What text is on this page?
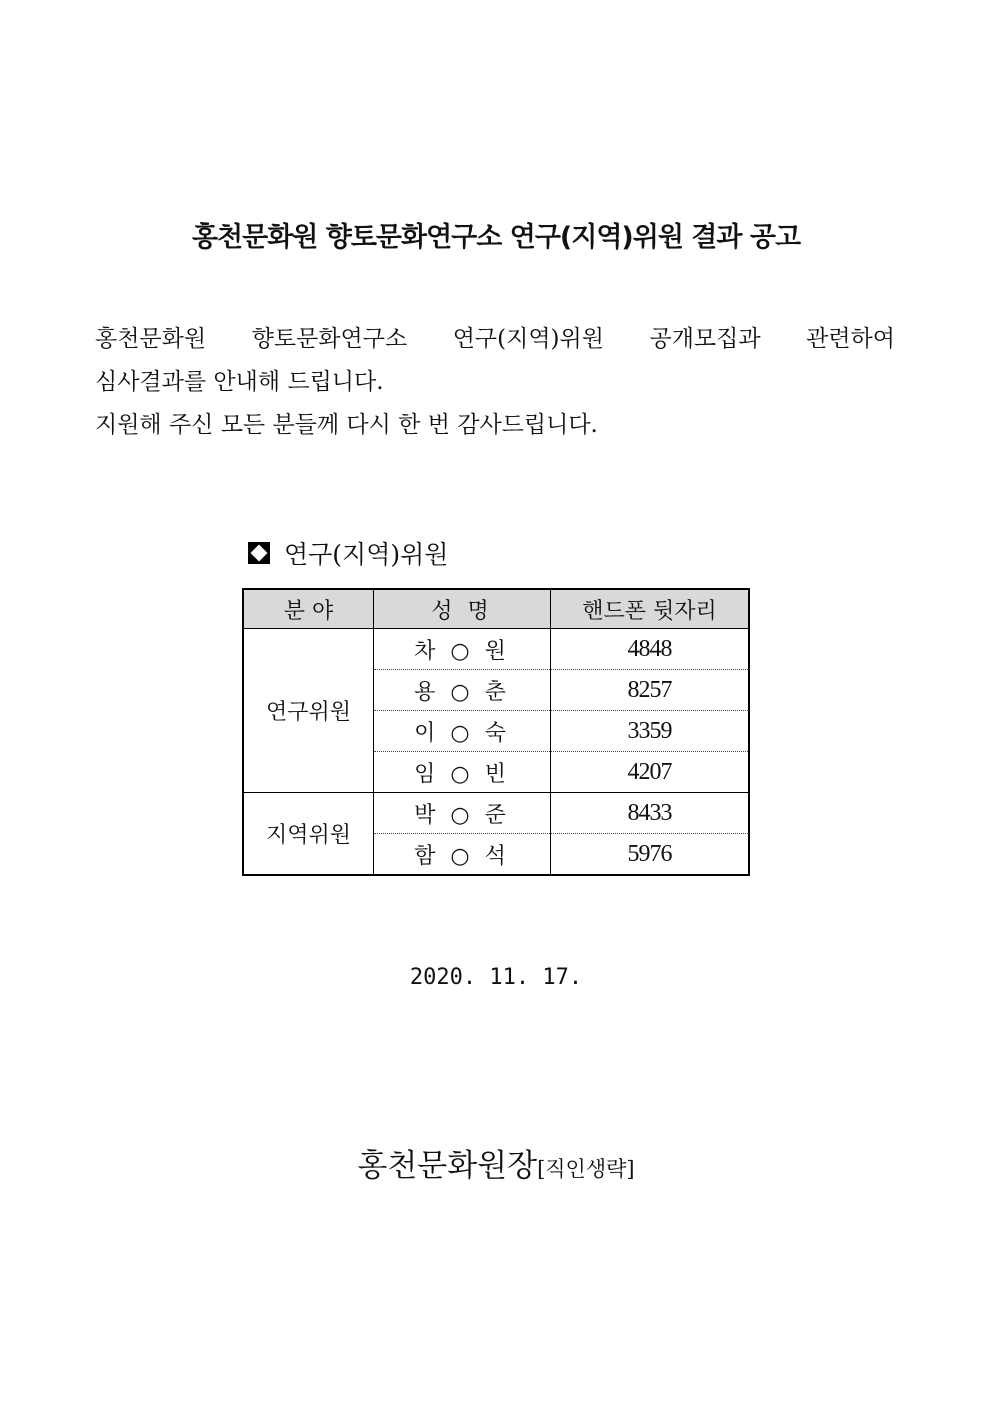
홍천문화원 향토문화연구소 연구(지역)위원 결과 공고
홍천문화원 향토문화연구소 연구(지역)위원 공개모집과 관련하여
심사결과를 안내해 드립니다.
지원해 주신 모든 분들께 다시 한 번 감사드립니다.
연구(지역)위원
분 야	성 명	핸드폰 뒷자리
연구위원	차 ○ 원	4848
	용 ○ 춘	8257
	이 ○ 숙	3359
	임 ○ 빈	4207
지역위원	박 ○ 준	8433
	함 ○ 석	5976
2020. 11. 17.
홍천문화원장[직인생략]
